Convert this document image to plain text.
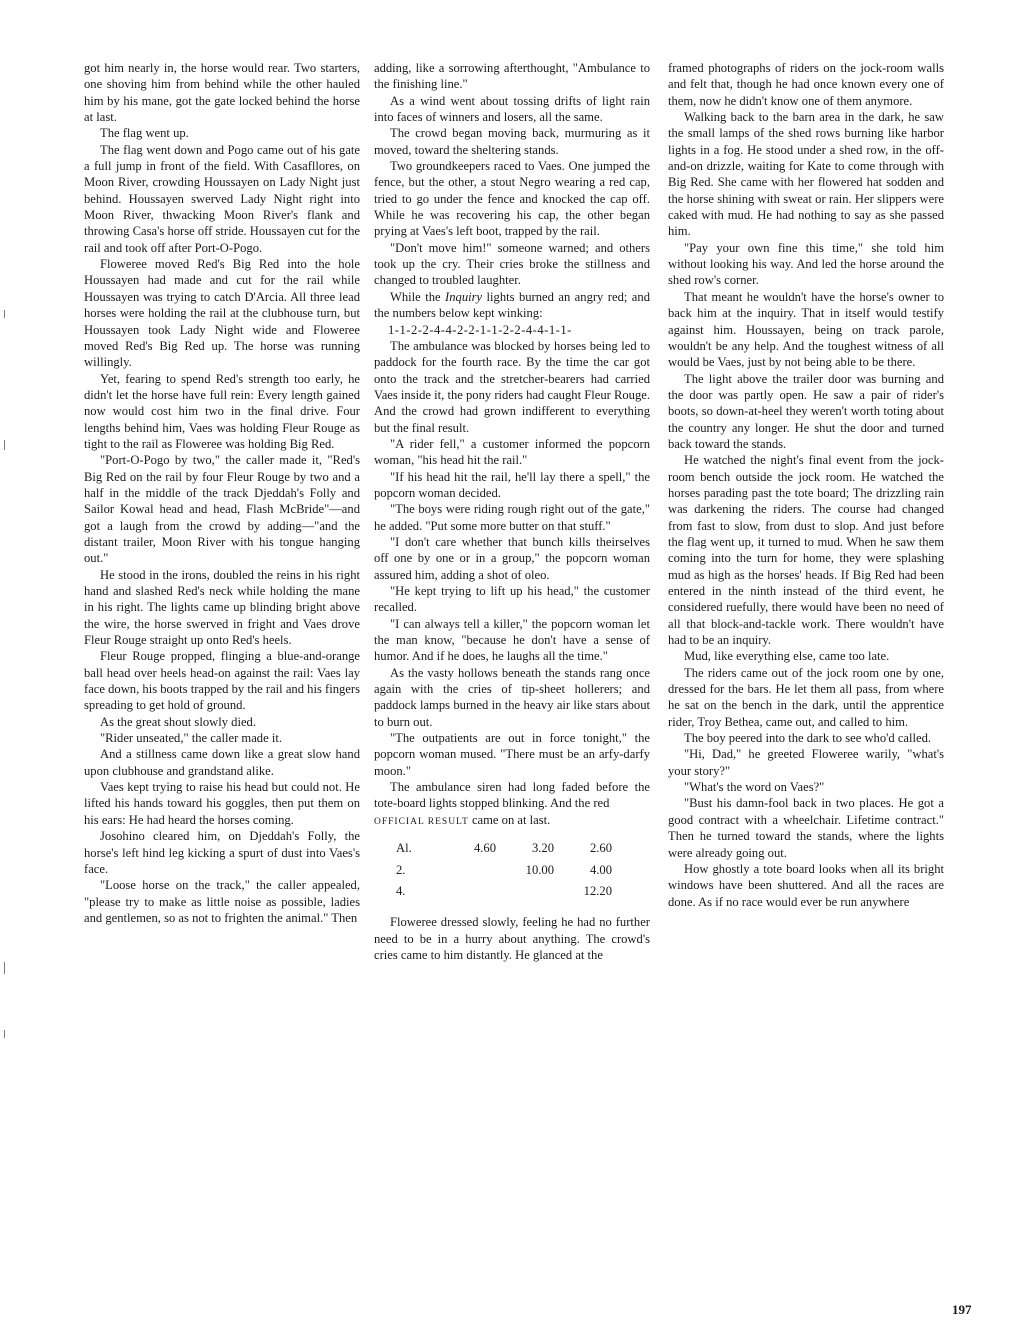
got him nearly in, the horse would rear. Two starters, one shoving him from behind while the other hauled him by his mane, got the gate locked behind the horse at last.

The flag went up.

The flag went down and Pogo came out of his gate a full jump in front of the field. With Casafllores, on Moon River, crowding Houssayen on Lady Night just behind. Houssayen swerved Lady Night right into Moon River, thwacking Moon River's flank and throwing Casa's horse off stride. Houssayen cut for the rail and took off after Port-O-Pogo.

Floweree moved Red's Big Red into the hole Houssayen had made and cut for the rail while Houssayen was trying to catch D'Arcia. All three lead horses were holding the rail at the clubhouse turn, but Houssayen took Lady Night wide and Floweree moved Red's Big Red up. The horse was running willingly.

Yet, fearing to spend Red's strength too early, he didn't let the horse have full rein: Every length gained now would cost him two in the final drive. Four lengths behind him, Vaes was holding Fleur Rouge as tight to the rail as Floweree was holding Big Red.

"Port-O-Pogo by two," the caller made it, "Red's Big Red on the rail by four Fleur Rouge by two and a half in the middle of the track Djeddah's Folly and Sailor Kowal head and head, Flash McBride"—and got a laugh from the crowd by adding—"and the distant trailer, Moon River with his tongue hanging out."

He stood in the irons, doubled the reins in his right hand and slashed Red's neck while holding the mane in his right. The lights came up blinding bright above the wire, the horse swerved in fright and Vaes drove Fleur Rouge straight up onto Red's heels.

Fleur Rouge propped, flinging a blue-and-orange ball head over heels head-on against the rail: Vaes lay face down, his boots trapped by the rail and his fingers spreading to get hold of ground.

As the great shout slowly died.

"Rider unseated," the caller made it.

And a stillness came down like a great slow hand upon clubhouse and grandstand alike.

Vaes kept trying to raise his head but could not. He lifted his hands toward his goggles, then put them on his ears: He had heard the horses coming.

Josohino cleared him, on Djeddah's Folly, the horse's left hind leg kicking a spurt of dust into Vaes's face.

"Loose horse on the track," the caller appealed, "please try to make as little noise as possible, ladies and gentlemen, so as not to frighten the animal." Then

adding, like a sorrowing afterthought, "Ambulance to the finishing line."

As a wind went about tossing drifts of light rain into faces of winners and losers, all the same.

The crowd began moving back, murmuring as it moved, toward the sheltering stands.

Two groundkeepers raced to Vaes. One jumped the fence, but the other, a stout Negro wearing a red cap, tried to go under the fence and knocked the cap off. While he was recovering his cap, the other began prying at Vaes's left boot, trapped by the rail.

"Don't move him!" someone warned; and others took up the cry. Their cries broke the stillness and changed to troubled laughter.

While the Inquiry lights burned an angry red; and the numbers below kept winking:

1-1-2-2-4-4-2-2-1-1-2-2-4-4-1-1-

The ambulance was blocked by horses being led to paddock for the fourth race. By the time the car got onto the track and the stretcher-bearers had carried Vaes inside it, the pony riders had caught Fleur Rouge. And the crowd had grown indifferent to everything but the final result.

"A rider fell," a customer informed the popcorn woman, "his head hit the rail."

"If his head hit the rail, he'll lay there a spell," the popcorn woman decided.

"The boys were riding rough right out of the gate," he added. "Put some more butter on that stuff."

"I don't care whether that bunch kills theirselves off one by one or in a group," the popcorn woman assured him, adding a shot of oleo.

"He kept trying to lift up his head," the customer recalled.

"I can always tell a killer," the popcorn woman let the man know, "because he don't have a sense of humor. And if he does, he laughs all the time."

As the vasty hollows beneath the stands rang once again with the cries of tip-sheet hollerers; and paddock lamps burned in the heavy air like stars about to burn out.

"The outpatients are out in force tonight," the popcorn woman mused. "There must be an arfy-darfy moon."

The ambulance siren had long faded before the tote-board lights stopped blinking. And the red

OFFICIAL RESULT came on at last.

Al.	4.60	3.20	2.60
2.		10.00	4.00
4.			12.20

Floweree dressed slowly, feeling he had no further need to be in a hurry about anything. The crowd's cries came to him distantly. He glanced at the

framed photographs of riders on the jock-room walls and felt that, though he had once known every one of them, now he didn't know one of them anymore.

Walking back to the barn area in the dark, he saw the small lamps of the shed rows burning like harbor lights in a fog. He stood under a shed row, in the off-and-on drizzle, waiting for Kate to come through with Big Red. She came with her flowered hat sodden and the horse shining with sweat or rain. Her slippers were caked with mud. He had nothing to say as she passed him.

"Pay your own fine this time," she told him without looking his way. And led the horse around the shed row's corner.

That meant he wouldn't have the horse's owner to back him at the inquiry. That in itself would testify against him. Houssayen, being on track parole, wouldn't be any help. And the toughest witness of all would be Vaes, just by not being able to be there.

The light above the trailer door was burning and the door was partly open. He saw a pair of rider's boots, so down-at-heel they weren't worth toting about the country any longer. He shut the door and turned back toward the stands.

He watched the night's final event from the jock-room bench outside the jock room. He watched the horses parading past the tote board; The drizzling rain was darkening the riders. The course had changed from fast to slow, from dust to slop. And just before the flag went up, it turned to mud. When he saw them coming into the turn for home, they were splashing mud as high as the horses' heads. If Big Red had been entered in the ninth instead of the third event, he considered ruefully, there would have been no need of all that block-and-tackle work. There wouldn't have had to be an inquiry.

Mud, like everything else, came too late.

The riders came out of the jock room one by one, dressed for the bars. He let them all pass, from where he sat on the bench in the dark, until the apprentice rider, Troy Bethea, came out, and called to him.

The boy peered into the dark to see who'd called.

"Hi, Dad," he greeted Floweree warily, "what's your story?"

"What's the word on Vaes?"

"Bust his damn-fool back in two places. He got a good contract with a wheelchair. Lifetime contract." Then he turned toward the stands, where the lights were already going out.

How ghostly a tote board looks when all its bright windows have been shuttered. And all the races are done. As if no race would ever be run anywhere

197
